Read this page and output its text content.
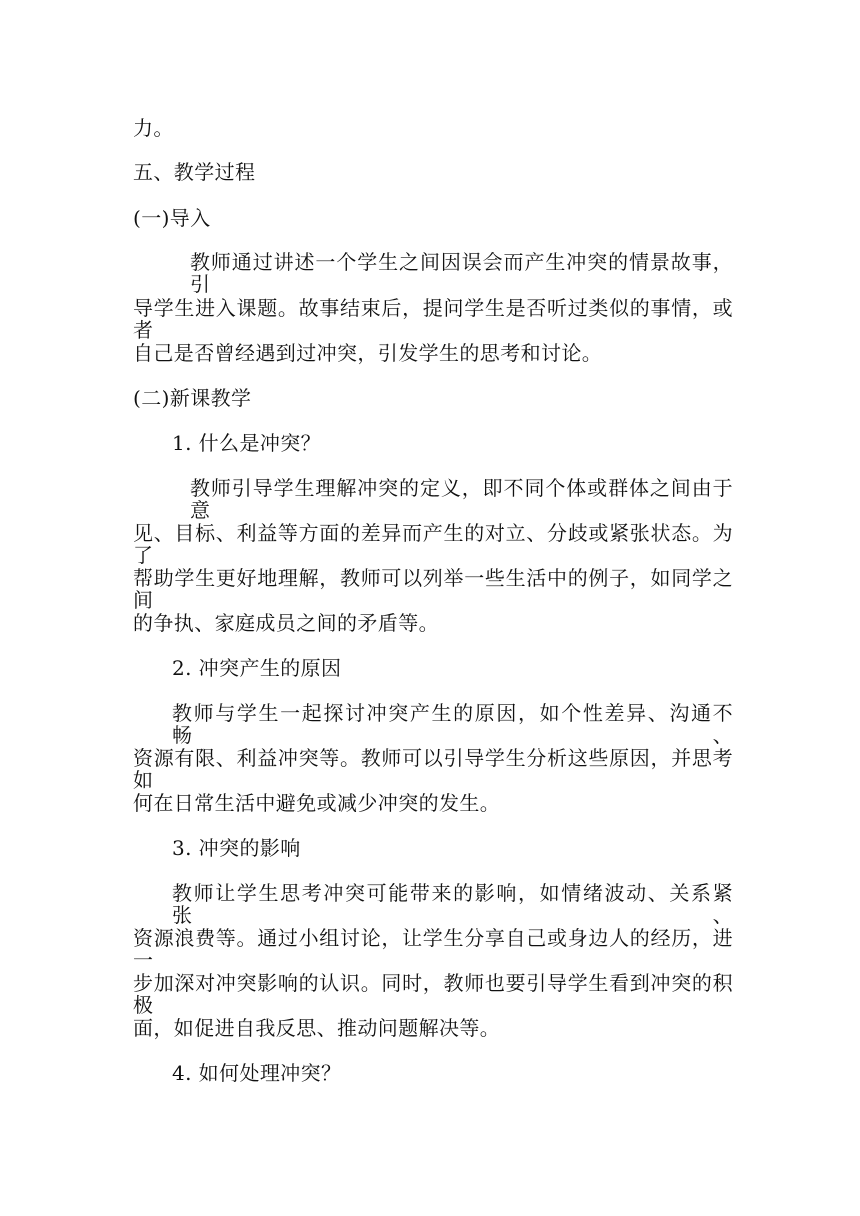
力。
五、教学过程
(一)导入
教师通过讲述一个学生之间因误会而产生冲突的情景故事，引
导学生进入课题。故事结束后，提问学生是否听过类似的事情，或者
自己是否曾经遇到过冲突，引发学生的思考和讨论。
(二)新课教学
1. 什么是冲突？
教师引导学生理解冲突的定义，即不同个体或群体之间由于意
见、目标、利益等方面的差异而产生的对立、分歧或紧张状态。为了
帮助学生更好地理解，教师可以列举一些生活中的例子，如同学之间
的争执、家庭成员之间的矛盾等。
2. 冲突产生的原因
教师与学生一起探讨冲突产生的原因，如个性差异、沟通不畅、
资源有限、利益冲突等。教师可以引导学生分析这些原因，并思考如
何在日常生活中避免或减少冲突的发生。
3. 冲突的影响
教师让学生思考冲突可能带来的影响，如情绪波动、关系紧张、
资源浪费等。通过小组讨论，让学生分享自己或身边人的经历，进一
步加深对冲突影响的认识。同时，教师也要引导学生看到冲突的积极
面，如促进自我反思、推动问题解决等。
4. 如何处理冲突？
